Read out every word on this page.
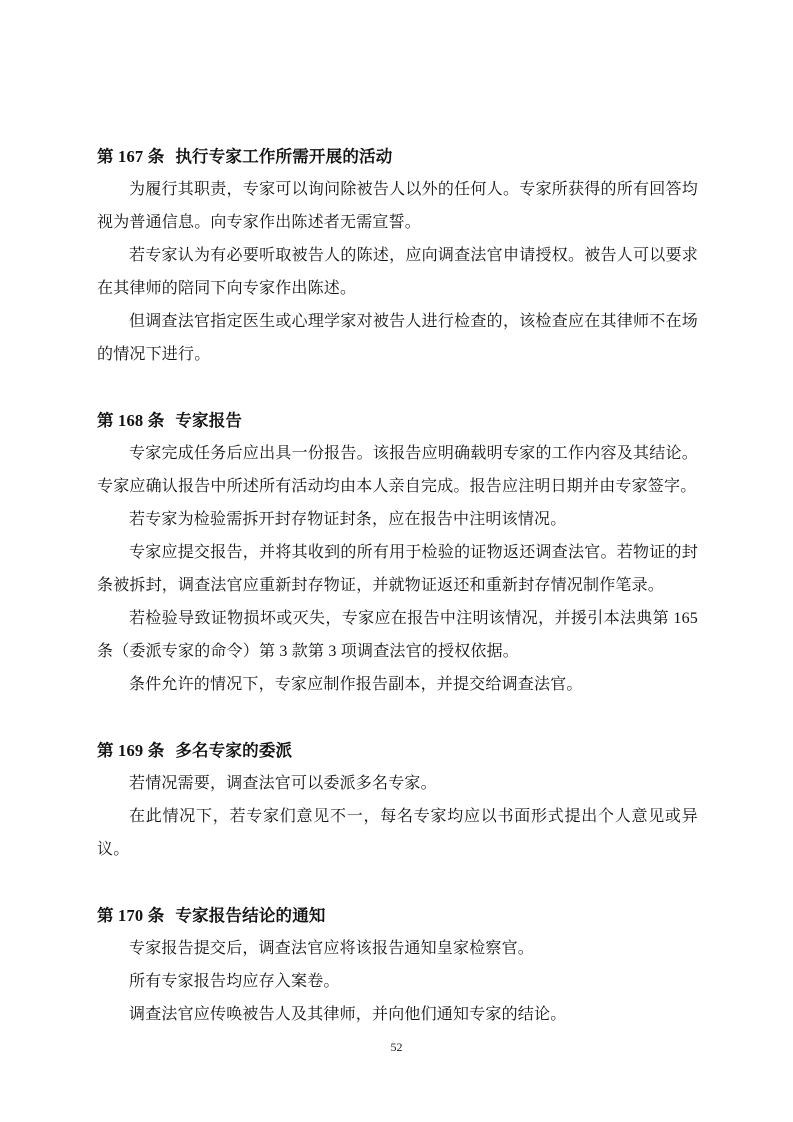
第 167 条 执行专家工作所需开展的活动

为履行其职责，专家可以询问除被告人以外的任何人。专家所获得的所有回答均视为普通信息。向专家作出陈述者无需宣誓。

若专家认为有必要听取被告人的陈述，应向调查法官申请授权。被告人可以要求在其律师的陪同下向专家作出陈述。

但调查法官指定医生或心理学家对被告人进行检查的，该检查应在其律师不在场的情况下进行。

第 168 条 专家报告

专家完成任务后应出具一份报告。该报告应明确载明专家的工作内容及其结论。专家应确认报告中所述所有活动均由本人亲自完成。报告应注明日期并由专家签字。

若专家为检验需拆开封存物证封条，应在报告中注明该情况。

专家应提交报告，并将其收到的所有用于检验的证物返还调查法官。若物证的封条被拆封，调查法官应重新封存物证，并就物证返还和重新封存情况制作笔录。

若检验导致证物损坏或灭失，专家应在报告中注明该情况，并援引本法典第 165 条（委派专家的命令）第 3 款第 3 项调查法官的授权依据。

条件允许的情况下，专家应制作报告副本，并提交给调查法官。

第 169 条 多名专家的委派

若情况需要，调查法官可以委派多名专家。

在此情况下，若专家们意见不一，每名专家均应以书面形式提出个人意见或异议。

第 170 条 专家报告结论的通知

专家报告提交后，调查法官应将该报告通知皇家检察官。

所有专家报告均应存入案卷。

调查法官应传唤被告人及其律师，并向他们通知专家的结论。

52
